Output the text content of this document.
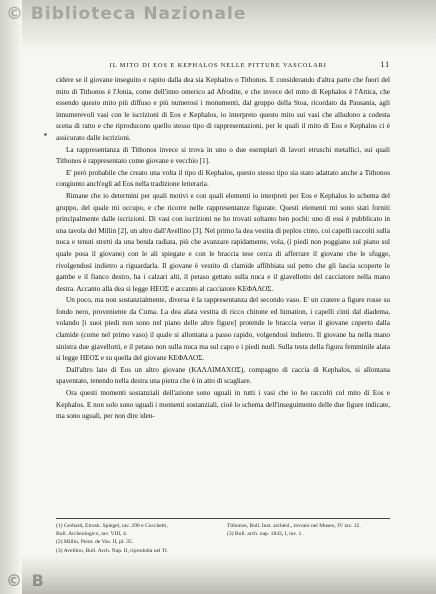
© Biblioteca Nazionale
© B
▪
IL MITO DI EOS E KEPHALOS NELLE PITTURE VASCOLARI	11

cidere se il giovane inseguito e rapito dalla dea sia Kephalos o Tithonos. E considerando d'altra parte che fuori del mito di Tithonos è l'Jonia, come dell'inno omerico ad Afrodite, e che invece del mito di Kephalos è l'Attica, che essendo questo mito più diffuso e più numerosi i monumenti, dal gruppo della Stoa, ricordato da Pausania, agli innumerevoli vasi con le iscrizioni di Eos e Kephalos, io interpreto questo mito sui vasi che alludono a codesta scena di ratto e che riproducono quello stesso tipo di rappresentazioni, per le quali il mito di Eos e Kephalos ci è assicurato dalle iscrizioni.

La rappresentanza di Tithonos invece si trova in uno o due esemplari di lavori etruschi metallici, sui quali Tithonos è rappresentato come giovane e vecchio [1].

E' però probabile che creato una volta il tipo di Kephalos, questo stesso tipo sia stato adattato anche a Tithonos congiunto anch'egli ad Eos nella tradizione letteraria.

Rimane che io determini per quali motivi e con quali elementi io interpreti per Eos e Kephalos lo schema del gruppo, del quale mi occupo, e che ricorre nelle rappresentanze figurate. Questi elementi mi sono stati forniti principalmente dalle iscrizioni. Di vasi con iscrizioni ne ho trovati soltanto ben pochi: uno di essi è pubblicato in una tavola del Millin [2], un altro dall'Avellino [3]. Nel primo la dea vestita di peplos cinto, coi capelli raccolti sulla nuca e tenuti stretti da una benda radiata, più che avanzare rapidamente, vola, (i piedi non poggiano sul piano sul quale posa il giovane) con le ali spiegate e con le braccia tese cerca di afferrare il giovane che le sfugge, rivolgendosi indietro a riguardarla. Il giovane è vestito di clamide affibbiata sul petto che gli lascia scoperte le gambe e il fianco destro, ha i calzari alti, il petaso gettato sulla nuca e il giavellotto del cacciatore nella mano destra. Accanto alla dea si legge ΗΕΟΣ e accanto al cacciatore ΚΕΦΑΛΟΣ.

Un poco, ma non sostanzialmente, diversa è la rappresentanza del secondo vaso. E' un cratere a figure rosse su fondo nero, proveniente da Cuma. La dea alata vestita di ricco chitone ed himation, i capelli cinti dal diadema, volando [i suoi piedi non sono nel piano delle altre figure] protende le braccia verso il giovane coperto dalla clamide (come nel primo vaso) il quale si allontana a passo rapido, volgendosi indietro. Il giovane ha nella mano sinistra due giavellotti, e il petaso non sulla nuca ma sul capo e i piedi nudi. Sulla testa della figura femminile alata si legge ΗΕΟΣ e su quella del giovane ΚΕΦΑΛΟΣ.

Dall'altro lato di Eos un altro giovane (ΚΑΛΛΙΜΑΧΟΣ), compagno di caccia di Kephalos, si allontana spaventato, tenendo nella destra una pietra che è in atto di scagliare.

Ora questi momenti sostanziali dell'azione sono uguali in tutti i vasi che io ho raccolti col mito di Eos e Kephalos. E non solo sono uguali i momenti sostanziali, cioè lo schema dell'inseguimento delle due figure indicate, ma sono uguali, per non dire iden-

(1) Gerhard, Etrusk. Spiegel, tav. 290 e Cocchetti,
Bull. Archeologico, tav. VIII, 4.
(2) Millin, Peint. de Vas. II, pl. 35.
(3) Avellino, Bull. Arch. Nap. II, riprodotta nel Tr.
Tithonos, Bull. Inst. archéol., trovato nel Museo, IV tav. 12.
(3) Bull. arch. nap. 1843, I, tav. 1.
